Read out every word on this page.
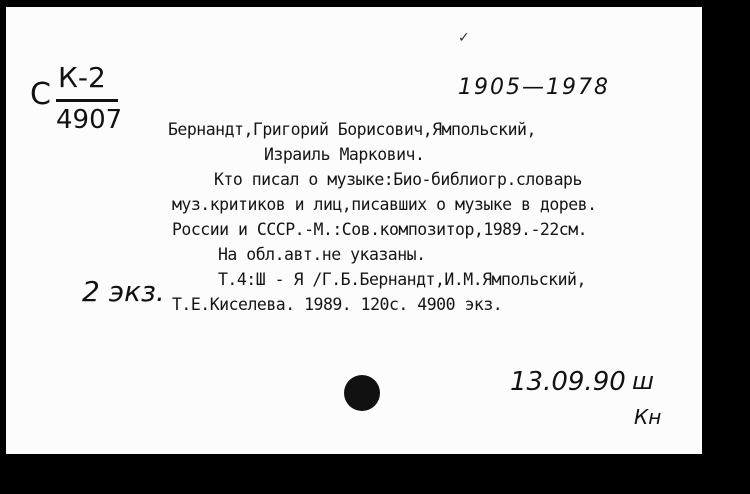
✓
С К-2
4907
1905—1978
Бернандт,Григорий Борисович,Ямпольский,
Израиль Маркович.
Кто писал о музыке:Био-библиогр.словарь
муз.критиков и лиц,писавших о музыке в дорев.
России и СССР.-М.:Сов.композитор,1989.-22см.
На обл.авт.не указаны.
Т.4:Ш - Я /Г.Б.Бернандт,И.М.Ямпольский,
Т.Е.Киселева. 1989. 120с. 4900 экз.
2 экз.
13.09.90 ш
Кн
